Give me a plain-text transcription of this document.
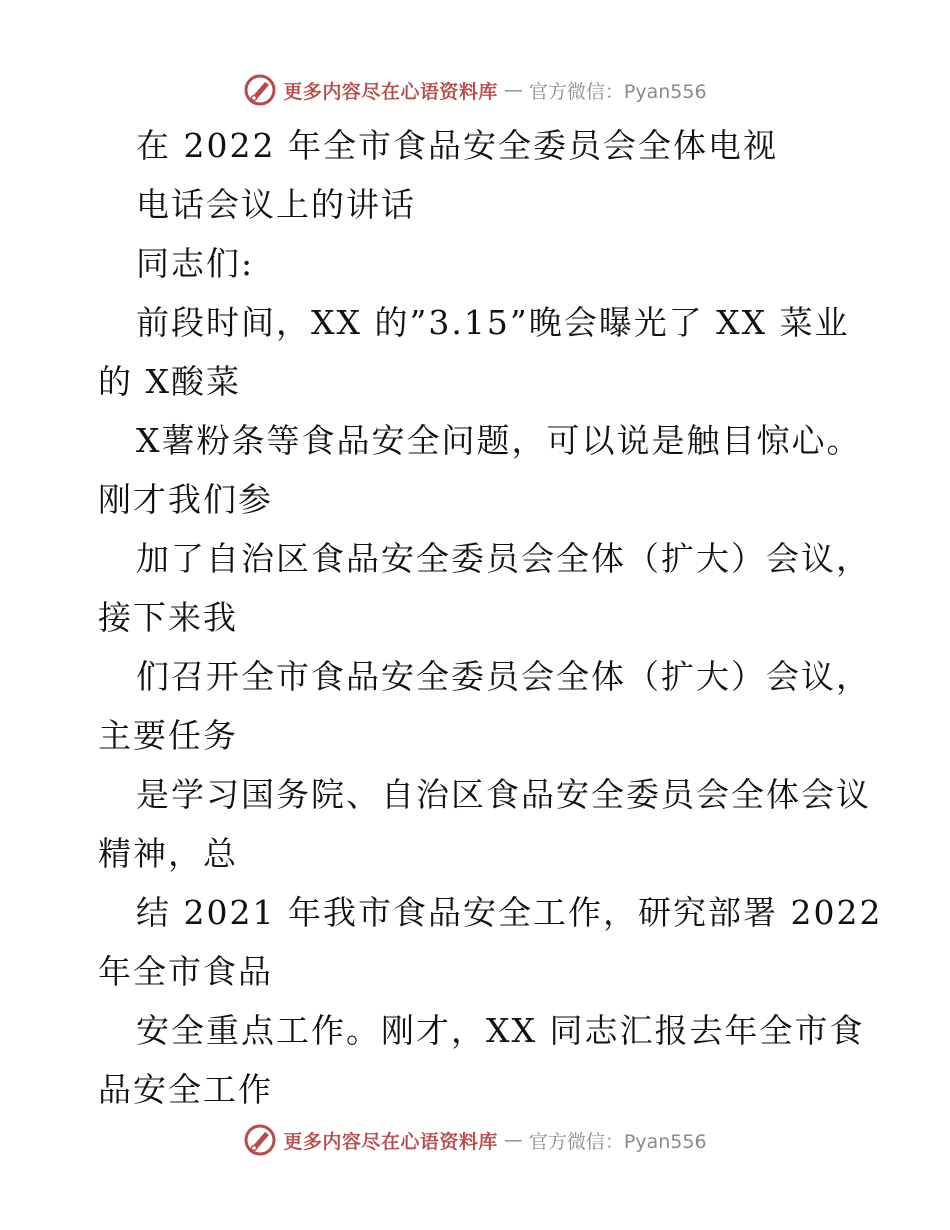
更多内容尽在心语资料库 — 官方微信：Pyan556
在 2022 年全市食品安全委员会全体电视
电话会议上的讲话
同志们:
前段时间，XX 的”3.15”晚会曝光了 XX 菜业
的 X酸菜
X薯粉条等食品安全问题，可以说是触目惊心。
刚才我们参
加了自治区食品安全委员会全体（扩大）会议，
接下来我
们召开全市食品安全委员会全体（扩大）会议，
主要任务
是学习国务院、自治区食品安全委员会全体会议
精神，总
结 2021 年我市食品安全工作，研究部署 2022
年全市食品
安全重点工作。刚才，XX 同志汇报去年全市食
品安全工作
更多内容尽在心语资料库 — 官方微信：Pyan556
